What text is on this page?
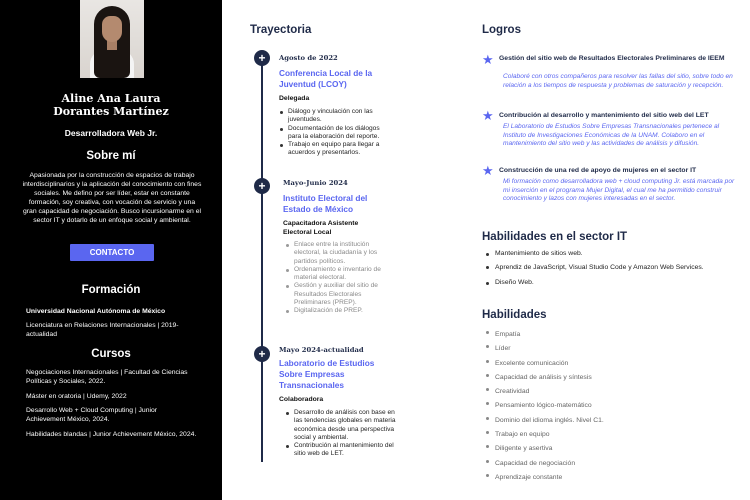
Aline Ana Laura
Dorantes Martínez
Desarrolladora Web Jr.
Sobre mí

Apasionada por la construcción de espacios de trabajo interdisciplinarios y la aplicación del conocimiento con fines sociales. Me defino por ser líder, estar en constante formación, soy creativa, con vocación de servicio y una gran capacidad de negociación. Busco incursionarme en el sector IT y dotarlo de un enfoque social y ambiental.

CONTACTO
Formación
Universidad Nacional Autónoma de México
Licenciatura en Relaciones Internacionales | 2019-actualidad
Cursos
Negociaciones Internacionales | Facultad de Ciencias Políticas y Sociales, 2022.
Máster en oratoria | Udemy, 2022
Desarrollo Web + Cloud Computing | Junior Achievement México, 2024.
Habilidades blandas | Junior Achievement México, 2024.
Trayectoria
+	Agosto de 2022
Conferencia Local de la Juventud (LCOY)
Delegada
Diálogo y vinculación con las juventudes.
Documentación de los diálogos para la elaboración del reporte.
Trabajo en equipo para llegar a acuerdos y presentarlos.
+	Mayo-Junio 2024
Instituto Electoral del Estado de México
Capacitadora Asistente Electoral Local
Enlace entre la institución electoral, la ciudadanía y los partidos políticos.
Ordenamiento e inventario de material electoral.
Gestión y auxiliar del sitio de Resultados Electorales Preliminares (PREP).
Digitalización de PREP.
+	Mayo 2024-actualidad
Laboratorio de Estudios Sobre Empresas Transnacionales
Colaboradora
Desarrollo de análisis con base en las tendencias globales en materia económica desde una perspectiva social y ambiental.
Contribución al mantenimiento del sitio web de LET.
Logros
★ Gestión del sitio web de Resultados Electorales Preliminares de IEEM
Colaboré con otros compañeros para resolver las fallas del sitio, sobre todo en relación a los tiempos de respuesta y problemas de saturación y recepción.
★ Contribución al desarrollo y mantenimiento del sitio web del LET
El Laboratorio de Estudios Sobre Empresas Transnacionales pertenece al Instituto de Investigaciones Económicas de la UNAM. Colaboro en el mantenimiento del sitio web y las actividades de análisis y difusión.
★ Construcción de una red de apoyo de mujeres en el sector IT
Mi formación como desarrolladora web + cloud computing Jr. está marcada por mi inserción en el programa Mujer Digital, el cual me ha permitido construir conocimiento y lazos con mujeres interesadas en el sector.
Habilidades en el sector IT
Mantenimiento de sitios web.
Aprendiz de JavaScript, Visual Studio Code y Amazon Web Services.
Diseño Web.
Habilidades
Empatía
Líder
Excelente comunicación
Capacidad de análisis y síntesis
Creatividad
Pensamiento lógico-matemático
Dominio del idioma inglés. Nivel C1.
Trabajo en equipo
Diligente y asertiva
Capacidad de negociación
Aprendizaje constante
